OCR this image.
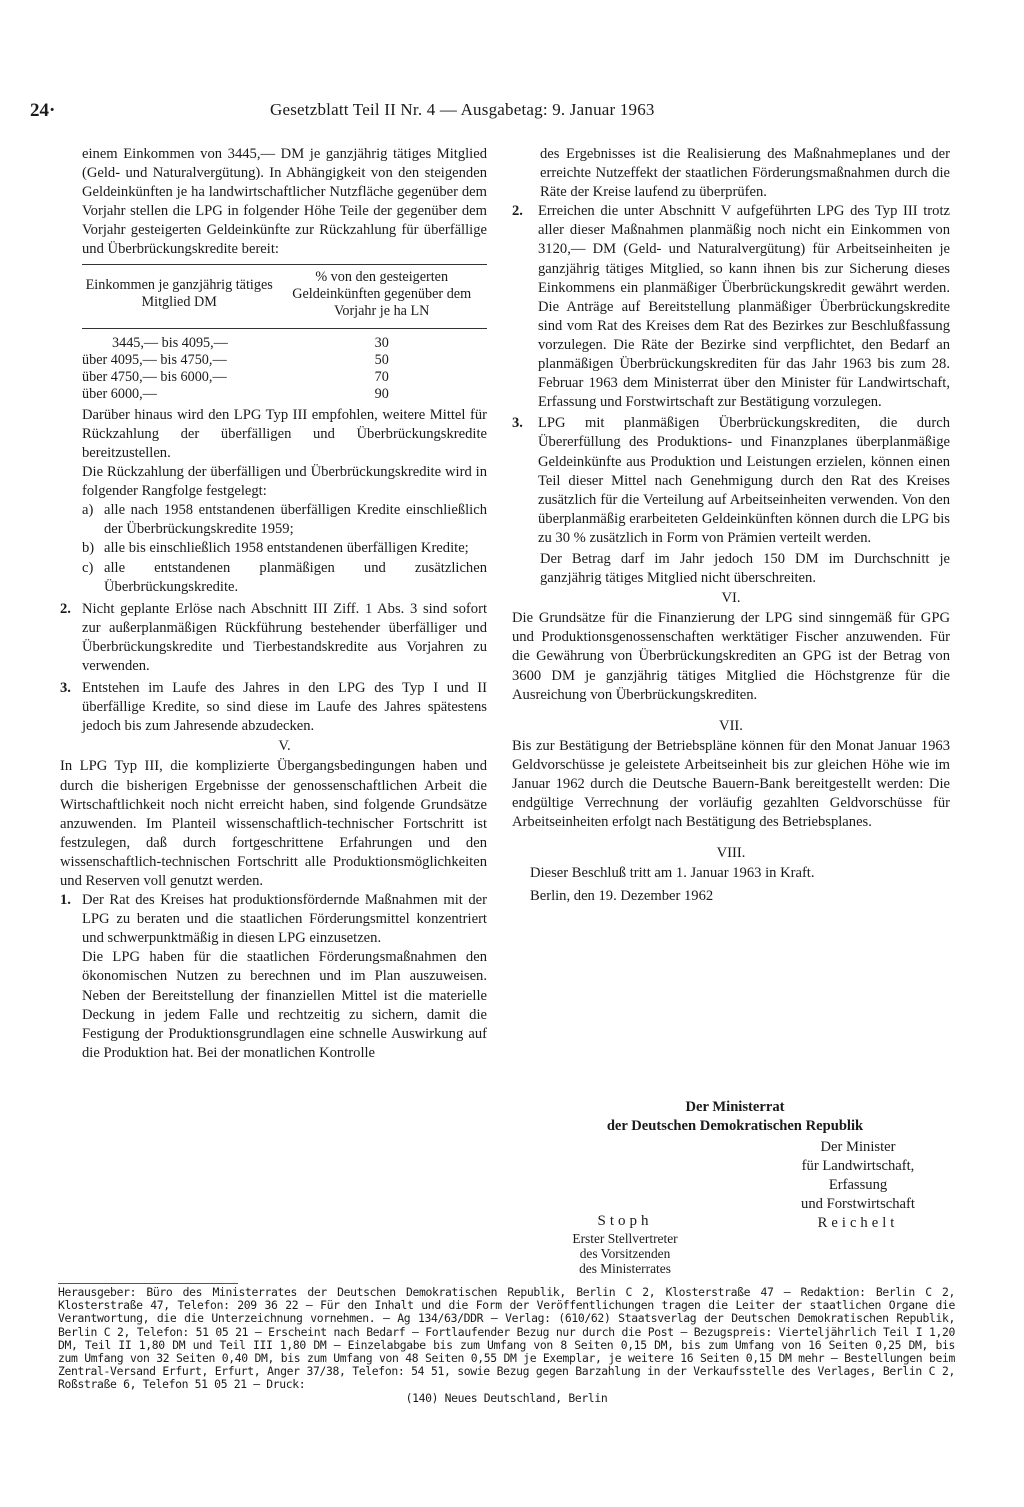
24·	Gesetzblatt Teil II Nr. 4 — Ausgabetag: 9. Januar 1963

einem Einkommen von 3445,— DM je ganzjährig tätiges Mitglied (Geld- und Naturalvergütung). In Abhängigkeit von den steigenden Geldeinkünften je ha landwirtschaftlicher Nutzfläche gegenüber dem Vorjahr stellen die LPG in folgender Höhe Teile der gegenüber dem Vorjahr gesteigerten Geldeinkünfte zur Rückzahlung für überfällige und Überbrückungskredite bereit:

Einkommen je ganzjährig tätiges Mitglied DM	% von den gesteigerten Geldeinkünften gegenüber dem Vorjahr je ha LN
3445,— bis 4095,—	30
über 4095,— bis 4750,—	50
über 4750,— bis 6000,—	70
über 6000,—	90

Darüber hinaus wird den LPG Typ III empfohlen, weitere Mittel für Rückzahlung der überfälligen und Überbrückungskredite bereitzustellen.

Die Rückzahlung der überfälligen und Überbrückungskredite wird in folgender Rangfolge festgelegt:

a) alle nach 1958 entstandenen überfälligen Kredite einschließlich der Überbrückungskredite 1959;
b) alle bis einschließlich 1958 entstandenen überfälligen Kredite;
c) alle entstandenen planmäßigen und zusätzlichen Überbrückungskredite.
2. Nicht geplante Erlöse nach Abschnitt III Ziff. 1 Abs. 3 sind sofort zur außerplanmäßigen Rückführung bestehender überfälliger und Überbrückungskredite und Tierbestandskredite aus Vorjahren zu verwenden.
3. Entstehen im Laufe des Jahres in den LPG des Typ I und II überfällige Kredite, so sind diese im Laufe des Jahres spätestens jedoch bis zum Jahresende abzudecken.

V.

In LPG Typ III, die komplizierte Übergangsbedingungen haben und durch die bisherigen Ergebnisse der genossenschaftlichen Arbeit die Wirtschaftlichkeit noch nicht erreicht haben, sind folgende Grundsätze anzuwenden. Im Planteil wissenschaftlich-technischer Fortschritt ist festzulegen, daß durch fortgeschrittene Erfahrungen und den wissenschaftlich-technischen Fortschritt alle Produktionsmöglichkeiten und Reserven voll genutzt werden.

1. Der Rat des Kreises hat produktionsfördernde Maßnahmen mit der LPG zu beraten und die staatlichen Förderungsmittel konzentriert und schwerpunktmäßig in diesen LPG einzusetzen.

Die LPG haben für die staatlichen Förderungsmaßnahmen den ökonomischen Nutzen zu berechnen und im Plan auszuweisen. Neben der Bereitstellung der finanziellen Mittel ist die materielle Deckung in jedem Falle und rechtzeitig zu sichern, damit die Festigung der Produktionsgrundlagen eine schnelle Auswirkung auf die Produktion hat. Bei der monatlichen Kontrolle

des Ergebnisses ist die Realisierung des Maßnahmeplanes und der erreichte Nutzeffekt der staatlichen Förderungsmaßnahmen durch die Räte der Kreise laufend zu überprüfen.

2.	Erreichen die unter Abschnitt V aufgeführten LPG des Typ III trotz aller dieser Maßnahmen planmäßig noch nicht ein Einkommen von 3120,— DM (Geld- und Naturalvergütung) für Arbeitseinheiten je ganzjährig tätiges Mitglied, so kann ihnen bis zur Sicherung dieses Einkommens ein planmäßiger Überbrückungskredit gewährt werden. Die Anträge auf Bereitstellung planmäßiger Überbrückungskredite sind vom Rat des Kreises dem Rat des Bezirkes zur Beschlußfassung vorzulegen. Die Räte der Bezirke sind verpflichtet, den Bedarf an planmäßigen Überbrückungskrediten für das Jahr 1963 bis zum 28. Februar 1963 dem Ministerrat über den Minister für Landwirtschaft, Erfassung und Forstwirtschaft zur Bestätigung vorzulegen.
3.	LPG mit planmäßigen Überbrückungskrediten, die durch Übererfüllung des Produktions- und Finanzplanes überplanmäßige Geldeinkünfte aus Produktion und Leistungen erzielen, können einen Teil dieser Mittel nach Genehmigung durch den Rat des Kreises zusätzlich für die Verteilung auf Arbeitseinheiten verwenden. Von den überplanmäßig erarbeiteten Geldeinkünften können durch die LPG bis zu 30 % zusätzlich in Form von Prämien verteilt werden.

Der Betrag darf im Jahr jedoch 150 DM im Durchschnitt je ganzjährig tätiges Mitglied nicht überschreiten.

VI.

Die Grundsätze für die Finanzierung der LPG sind sinngemäß für GPG und Produktionsgenossenschaften werktätiger Fischer anzuwenden. Für die Gewährung von Überbrückungskrediten an GPG ist der Betrag von 3600 DM je ganzjährig tätiges Mitglied die Höchstgrenze für die Ausreichung von Überbrückungskrediten.

VII.

Bis zur Bestätigung der Betriebspläne können für den Monat Januar 1963 Geldvorschüsse je geleistete Arbeitseinheit bis zur gleichen Höhe wie im Januar 1962 durch die Deutsche Bauern-Bank bereitgestellt werden: Die endgültige Verrechnung der vorläufig gezahlten Geldvorschüsse für Arbeitseinheiten erfolgt nach Bestätigung des Betriebsplanes.

VIII.

Dieser Beschluß tritt am 1. Januar 1963 in Kraft.

Berlin, den 19. Dezember 1962

Der Ministerrat
der Deutschen Demokratischen Republik
Der Minister
für Landwirtschaft,
Erfassung
und Forstwirtschaft
Reichelt
Stoph
Erster Stellvertreter
des Vorsitzenden
des Ministerrates
Herausgeber: Büro des Ministerrates der Deutschen Demokratischen Republik, Berlin C 2, Klosterstraße 47 — Redaktion: Berlin C 2, Klosterstraße 47, Telefon: 209 36 22 — Für den Inhalt und die Form der Veröffentlichungen tragen die Leiter der staatlichen Organe die Verantwortung, die die Unterzeichnung vornehmen. — Ag 134/63/DDR — Verlag: (610/62) Staatsverlag der Deutschen Demokratischen Republik, Berlin C 2, Telefon: 51 05 21 — Erscheint nach Bedarf — Fortlaufender Bezug nur durch die Post — Bezugspreis: Vierteljährlich Teil I 1,20 DM, Teil II 1,80 DM und Teil III 1,80 DM — Einzelabgabe bis zum Umfang von 8 Seiten 0,15 DM, bis zum Umfang von 16 Seiten 0,25 DM, bis zum Umfang von 32 Seiten 0,40 DM, bis zum Umfang von 48 Seiten 0,55 DM je Exemplar, je weitere 16 Seiten 0,15 DM mehr — Bestellungen beim Zentral-Versand Erfurt, Erfurt, Anger 37/38, Telefon: 54 51, sowie Bezug gegen Barzahlung in der Verkaufsstelle des Verlages, Berlin C 2, Roßstraße 6, Telefon 51 05 21 — Druck:
(140) Neues Deutschland, Berlin
